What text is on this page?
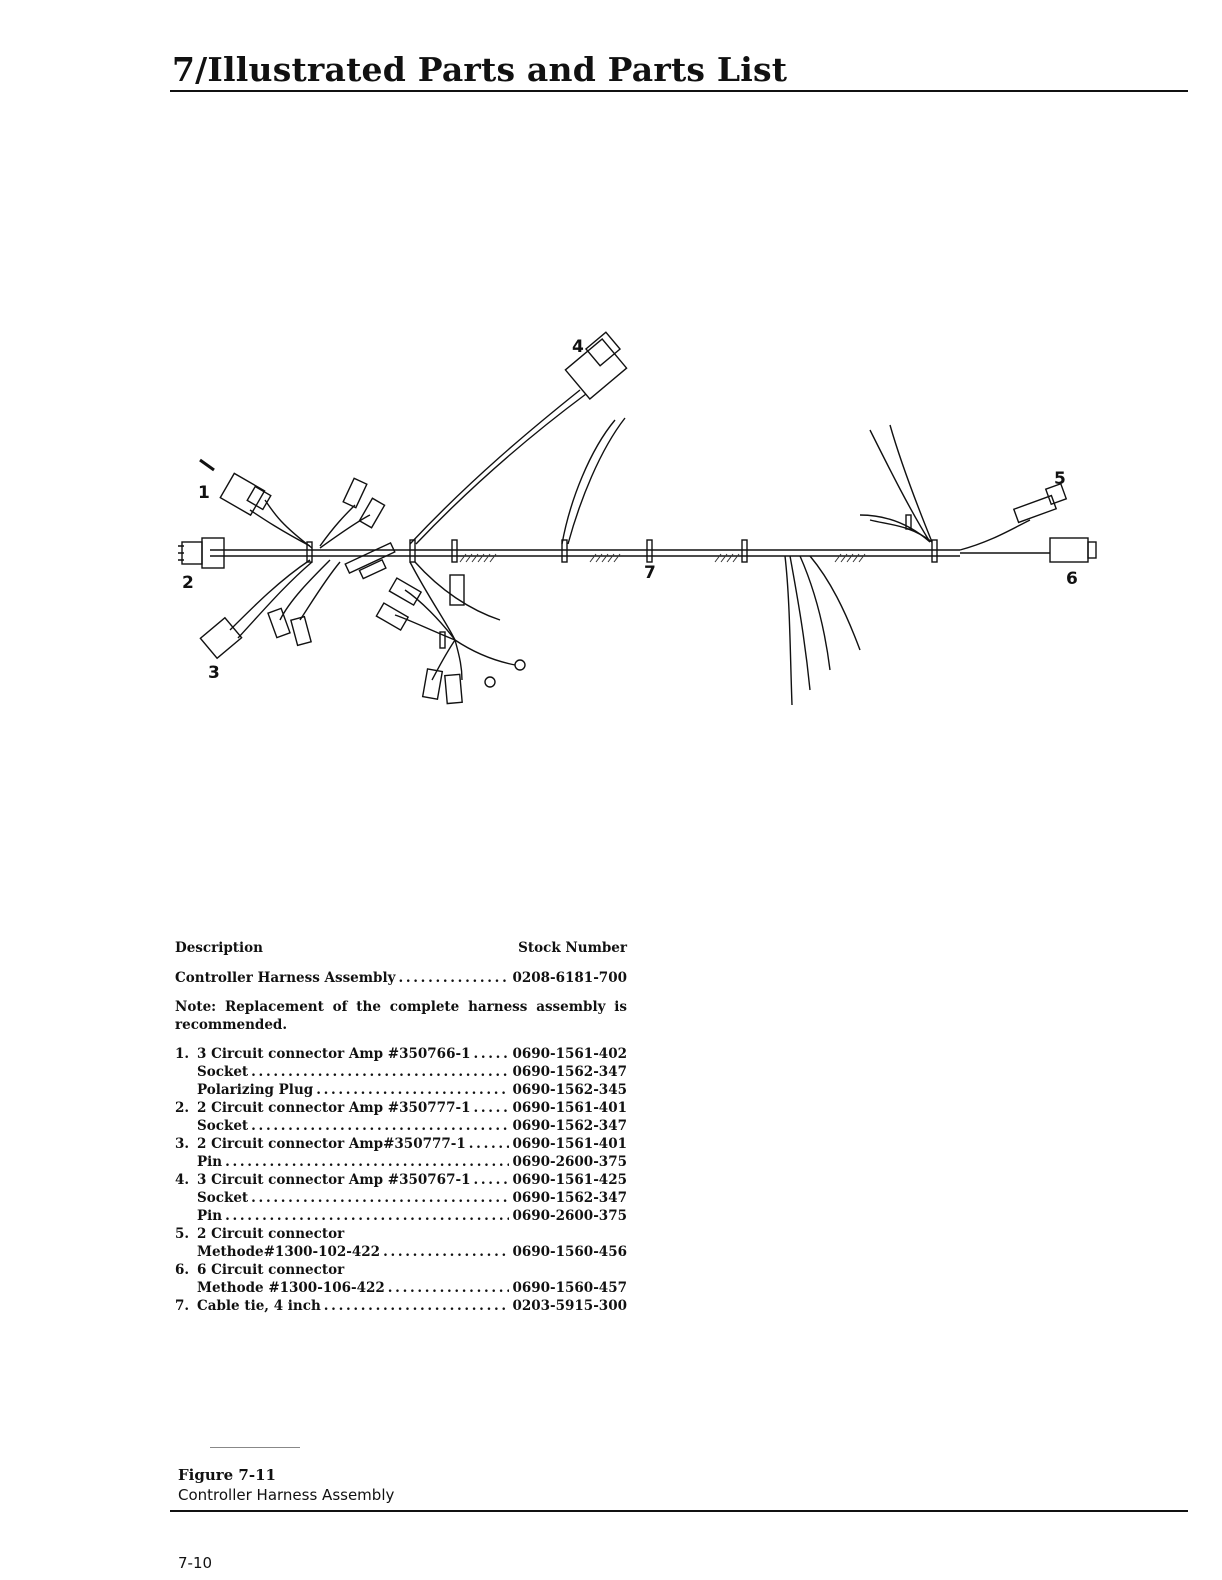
7/Illustrated Parts and Parts List
1
2
3
4
5
6
7
Description	Stock Number
Controller Harness Assembly . . .	0208-6181-700
Note: Replacement of the complete harness assembly is recommended.
1. 3 Circuit connector Amp #350766-1 . . .	0690-1561-402
Socket . . .	0690-1562-347
Polarizing Plug . . .	0690-1562-345
2. 2 Circuit connector Amp #350777-1 . . .	0690-1561-401
Socket . . .	0690-1562-347
3. 2 Circuit connector Amp#350777-1 . . .	0690-1561-401
Pin . . .	0690-2600-375
4. 3 Circuit connector Amp #350767-1 . . .	0690-1561-425
Socket . . .	0690-1562-347
Pin . . .	0690-2600-375
5. 2 Circuit connector
Methode#1300-102-422 . . .	0690-1560-456
6. 6 Circuit connector
Methode #1300-106-422 . . .	0690-1560-457
7. Cable tie, 4 inch . . .	0203-5915-300
Figure 7-11
Controller Harness Assembly
7-10
